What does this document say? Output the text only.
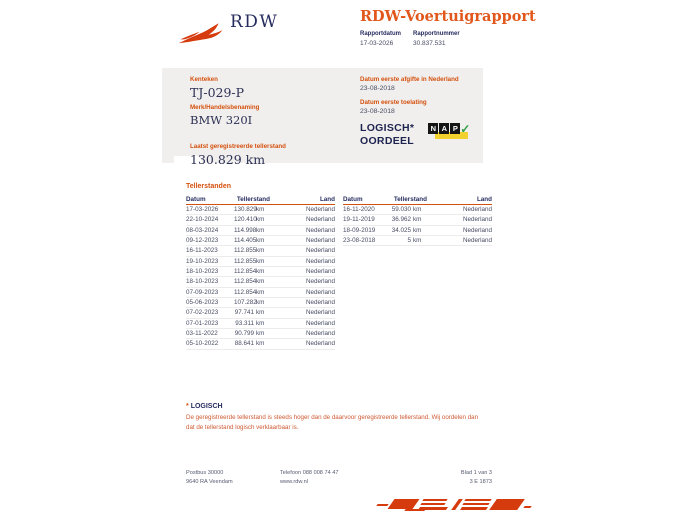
RDW	RDW-Voertuigrapport
Rapportdatum
17-03-2026
Rapportnummer
30.837.531
Kenteken
TJ-029-P
Merk/Handelsbenaming
BMW 320I
Laatst geregistreerde tellerstand
130.829 km
Datum eerste afgifte in Nederland
23-08-2018
Datum eerste toelating
23-08-2018
LOGISCH*
OORDEEL
N A P ✓
Tellerstanden
Datum	Tellerstand	Land
17-03-2026	130.829 km	Nederland
22-10-2024	120.410 km	Nederland
08-03-2024	114.998 km	Nederland
09-12-2023	114.405 km	Nederland
16-11-2023	112.855 km	Nederland
19-10-2023	112.855 km	Nederland
18-10-2023	112.854 km	Nederland
18-10-2023	112.854 km	Nederland
07-09-2023	112.854 km	Nederland
05-06-2023	107.282 km	Nederland
07-02-2023	97.741 km	Nederland
07-01-2023	93.311 km	Nederland
03-11-2022	90.799 km	Nederland
05-10-2022	88.641 km	Nederland
Datum	Tellerstand	Land
16-11-2020	59.030 km	Nederland
19-11-2019	36.962 km	Nederland
18-09-2019	34.025 km	Nederland
23-08-2018	5 km	Nederland
* LOGISCH
De geregistreerde tellerstand is steeds hoger dan de daarvoor geregistreerde tellerstand. Wij oordelen dan dat de tellerstand logisch verklaarbaar is.
Postbus 30000
9640 RA Veendam
Telefoon 088 008 74 47
www.rdw.nl
Blad 1 van 3
3 E 1873
